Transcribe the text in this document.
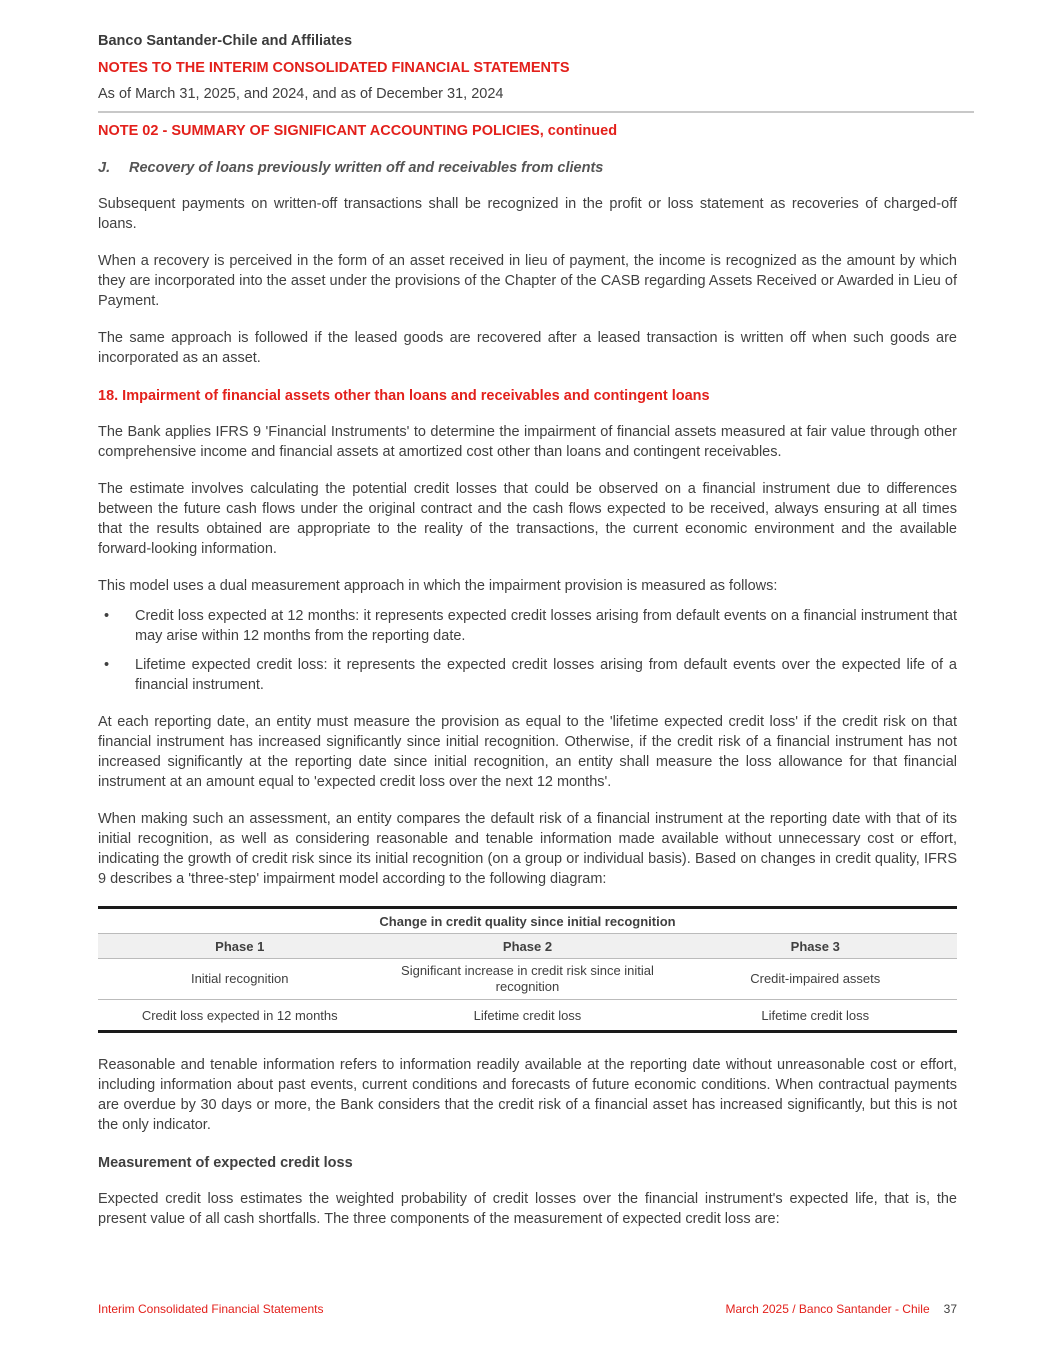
Banco Santander-Chile and Affiliates
NOTES TO THE INTERIM CONSOLIDATED FINANCIAL STATEMENTS
As of March 31, 2025, and 2024, and as of December 31, 2024
NOTE 02 - SUMMARY OF SIGNIFICANT ACCOUNTING POLICIES, continued
J.	Recovery of loans previously written off and receivables from clients

Subsequent payments on written-off transactions shall be recognized in the profit or loss statement as recoveries of charged-off loans.

When a recovery is perceived in the form of an asset received in lieu of payment, the income is recognized as the amount by which they are incorporated into the asset under the provisions of the Chapter of the CASB regarding Assets Received or Awarded in Lieu of Payment.

The same approach is followed if the leased goods are recovered after a leased transaction is written off when such goods are incorporated as an asset.

18. Impairment of financial assets other than loans and receivables and contingent loans

The Bank applies IFRS 9 'Financial Instruments' to determine the impairment of financial assets measured at fair value through other comprehensive income and financial assets at amortized cost other than loans and contingent receivables.

The estimate involves calculating the potential credit losses that could be observed on a financial instrument due to differences between the future cash flows under the original contract and the cash flows expected to be received, always ensuring at all times that the results obtained are appropriate to the reality of the transactions, the current economic environment and the available forward-looking information.

This model uses a dual measurement approach in which the impairment provision is measured as follows:

• Credit loss expected at 12 months: it represents expected credit losses arising from default events on a financial instrument that may arise within 12 months from the reporting date.
• Lifetime expected credit loss: it represents the expected credit losses arising from default events over the expected life of a financial instrument.

At each reporting date, an entity must measure the provision as equal to the 'lifetime expected credit loss' if the credit risk on that financial instrument has increased significantly since initial recognition. Otherwise, if the credit risk of a financial instrument has not increased significantly at the reporting date since initial recognition, an entity shall measure the loss allowance for that financial instrument at an amount equal to 'expected credit loss over the next 12 months'.

When making such an assessment, an entity compares the default risk of a financial instrument at the reporting date with that of its initial recognition, as well as considering reasonable and tenable information made available without unnecessary cost or effort, indicating the growth of credit risk since its initial recognition (on a group or individual basis). Based on changes in credit quality, IFRS 9 describes a 'three-step' impairment model according to the following diagram:

Change in credit quality since initial recognition		
Phase 1	Phase 2	Phase 3
Initial recognition	Significant increase in credit risk since initial recognition	Credit-impaired assets
Credit loss expected in 12 months	Lifetime credit loss	Lifetime credit loss

Reasonable and tenable information refers to information readily available at the reporting date without unreasonable cost or effort, including information about past events, current conditions and forecasts of future economic conditions. When contractual payments are overdue by 30 days or more, the Bank considers that the credit risk of a financial asset has increased significantly, but this is not the only indicator.

Measurement of expected credit loss

Expected credit loss estimates the weighted probability of credit losses over the financial instrument's expected life, that is, the present value of all cash shortfalls. The three components of the measurement of expected credit loss are:

Interim Consolidated Financial Statements	March 2025 / Banco Santander - Chile 37
